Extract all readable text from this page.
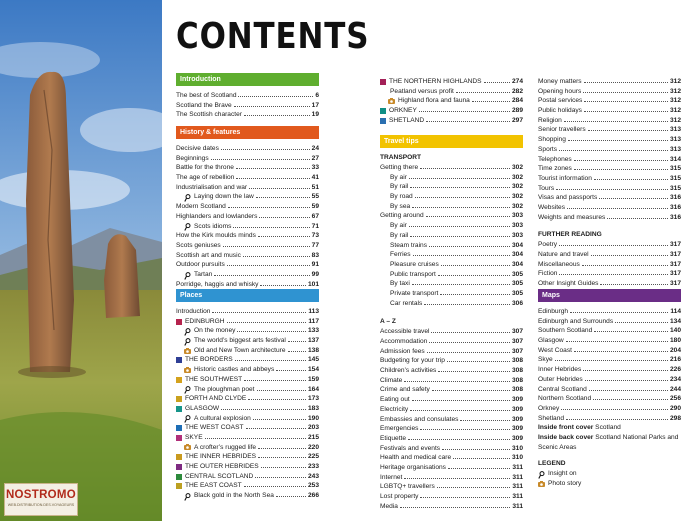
NOSTROMO
WEB.DISTRIBUTION.DES.VOYAGEURS
CONTENTS
Introduction
The best of Scotland	6
Scotland the Brave	17
The Scottish character	19
History & features
Decisive dates	24
Beginnings	27
Battle for the throne	33
The age of rebellion	41
Industrialisation and war	51
Laying down the law	55
Modern Scotland	59
Highlanders and lowlanders	67
Scots idioms	71
How the Kirk moulds minds	73
Scots geniuses	77
Scottish art and music	83
Outdoor pursuits	91
Tartan	99
Porridge, haggis and whisky	101
Places
Introduction	113
EDINBURGH	117
On the money	133
The world’s biggest arts festival	137
Old and New Town architecture	138
THE BORDERS	145
Historic castles and abbeys	154
THE SOUTHWEST	159
The ploughman poet	164
FORTH AND CLYDE	173
GLASGOW	183
A cultural explosion	190
THE WEST COAST	203
SKYE	215
A crofter’s rugged life	220
THE INNER HEBRIDES	225
THE OUTER HEBRIDES	233
CENTRAL SCOTLAND	243
THE EAST COAST	253
Black gold in the North Sea	266
THE NORTHERN HIGHLANDS	274
Peatland versus profit	282
Highland flora and fauna	284
ORKNEY	289
SHETLAND	297
Travel tips
TRANSPORT
Getting there	302
By air	302
By rail	302
By road	302
By sea	302
Getting around	303
By air	303
By rail	303
Steam trains	304
Ferries	304
Pleasure cruises	304
Public transport	305
By taxi	305
Private transport	305
Car rentals	306
A – Z
Accessible travel	307
Accommodation	307
Admission fees	307
Budgeting for your trip	308
Children’s activities	308
Climate	308
Crime and safety	308
Eating out	309
Electricity	309
Embassies and consulates	309
Emergencies	309
Etiquette	309
Festivals and events	310
Health and medical care	310
Heritage organisations	311
Internet	311
LGBTQ+ travellers	311
Lost property	311
Media	311
Money matters	312
Opening hours	312
Postal services	312
Public holidays	312
Religion	312
Senior travellers	313
Shopping	313
Sports	313
Telephones	314
Time zones	315
Tourist information	315
Tours	315
Visas and passports	316
Websites	316
Weights and measures	316
FURTHER READING
Poetry	317
Nature and travel	317
Miscellaneous	317
Fiction	317
Other Insight Guides	317
Maps
Edinburgh	114
Edinburgh and Surrounds	134
Southern Scotland	140
Glasgow	180
West Coast	204
Skye	216
Inner Hebrides	226
Outer Hebrides	234
Central Scotland	244
Northern Scotland	256
Orkney	290
Shetland	298
Inside front cover Scotland
Inside back cover Scotland National Parks and Scenic Areas
LEGEND
Insight on
Photo story
